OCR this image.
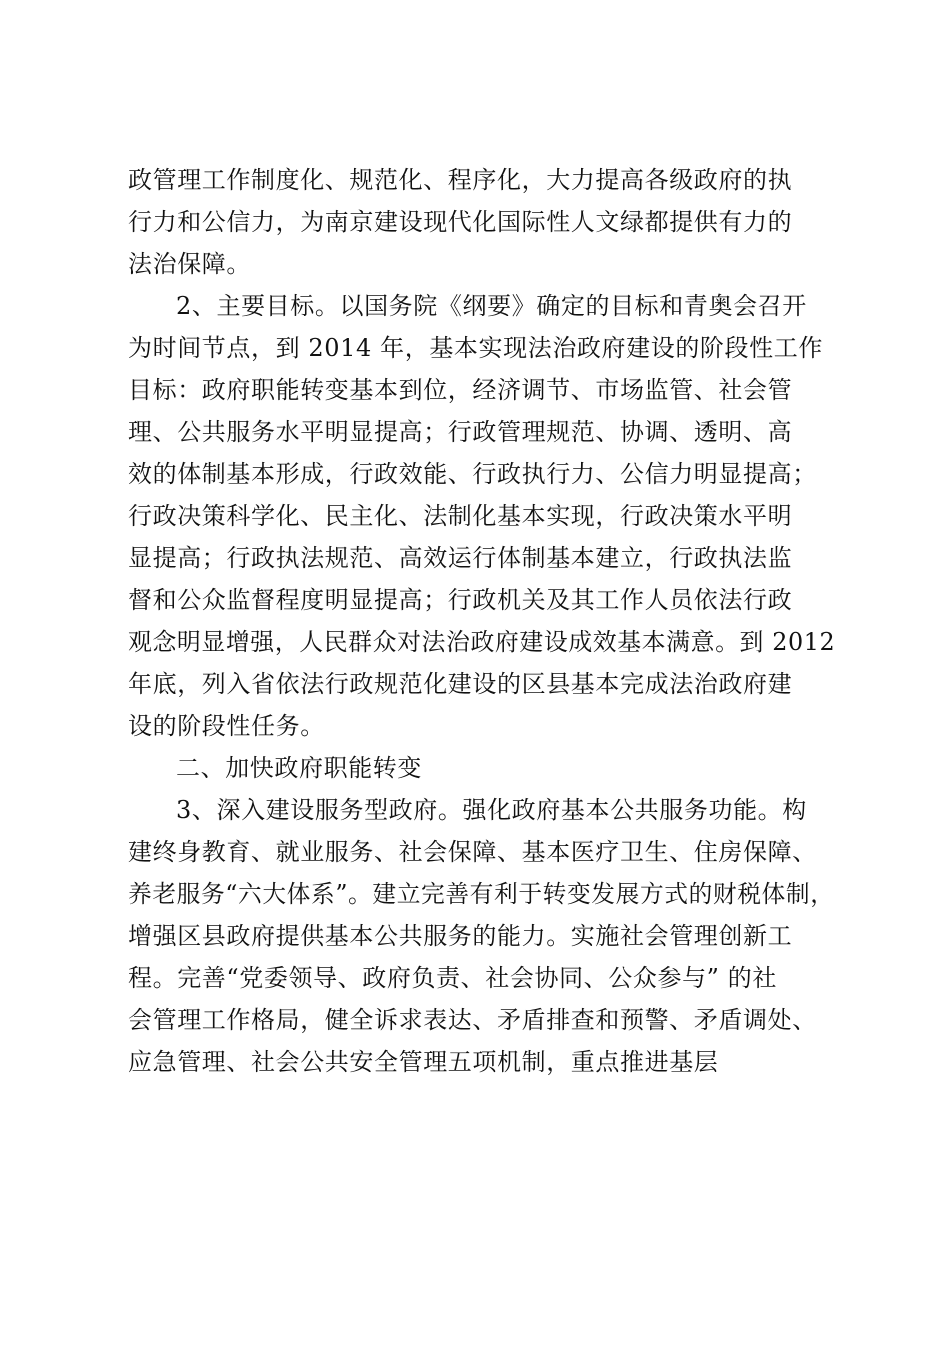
政管理工作制度化、规范化、程序化，大力提高各级政府的执
行力和公信力，为南京建设现代化国际性人文绿都提供有力的
法治保障。
2、主要目标。以国务院《纲要》确定的目标和青奥会召开
为时间节点，到 2014 年，基本实现法治政府建设的阶段性工作
目标：政府职能转变基本到位，经济调节、市场监管、社会管
理、公共服务水平明显提高；行政管理规范、协调、透明、高
效的体制基本形成，行政效能、行政执行力、公信力明显提高；
行政决策科学化、民主化、法制化基本实现，行政决策水平明
显提高；行政执法规范、高效运行体制基本建立，行政执法监
督和公众监督程度明显提高；行政机关及其工作人员依法行政
观念明显增强，人民群众对法治政府建设成效基本满意。到 2012
年底，列入省依法行政规范化建设的区县基本完成法治政府建
设的阶段性任务。
二、加快政府职能转变
3、深入建设服务型政府。强化政府基本公共服务功能。构
建终身教育、就业服务、社会保障、基本医疗卫生、住房保障、
养老服务“六大体系”。建立完善有利于转变发展方式的财税体制，
增强区县政府提供基本公共服务的能力。实施社会管理创新工
程。完善“党委领导、政府负责、社会协同、公众参与” 的社
会管理工作格局，健全诉求表达、矛盾排查和预警、矛盾调处、
应急管理、社会公共安全管理五项机制，重点推进基层
